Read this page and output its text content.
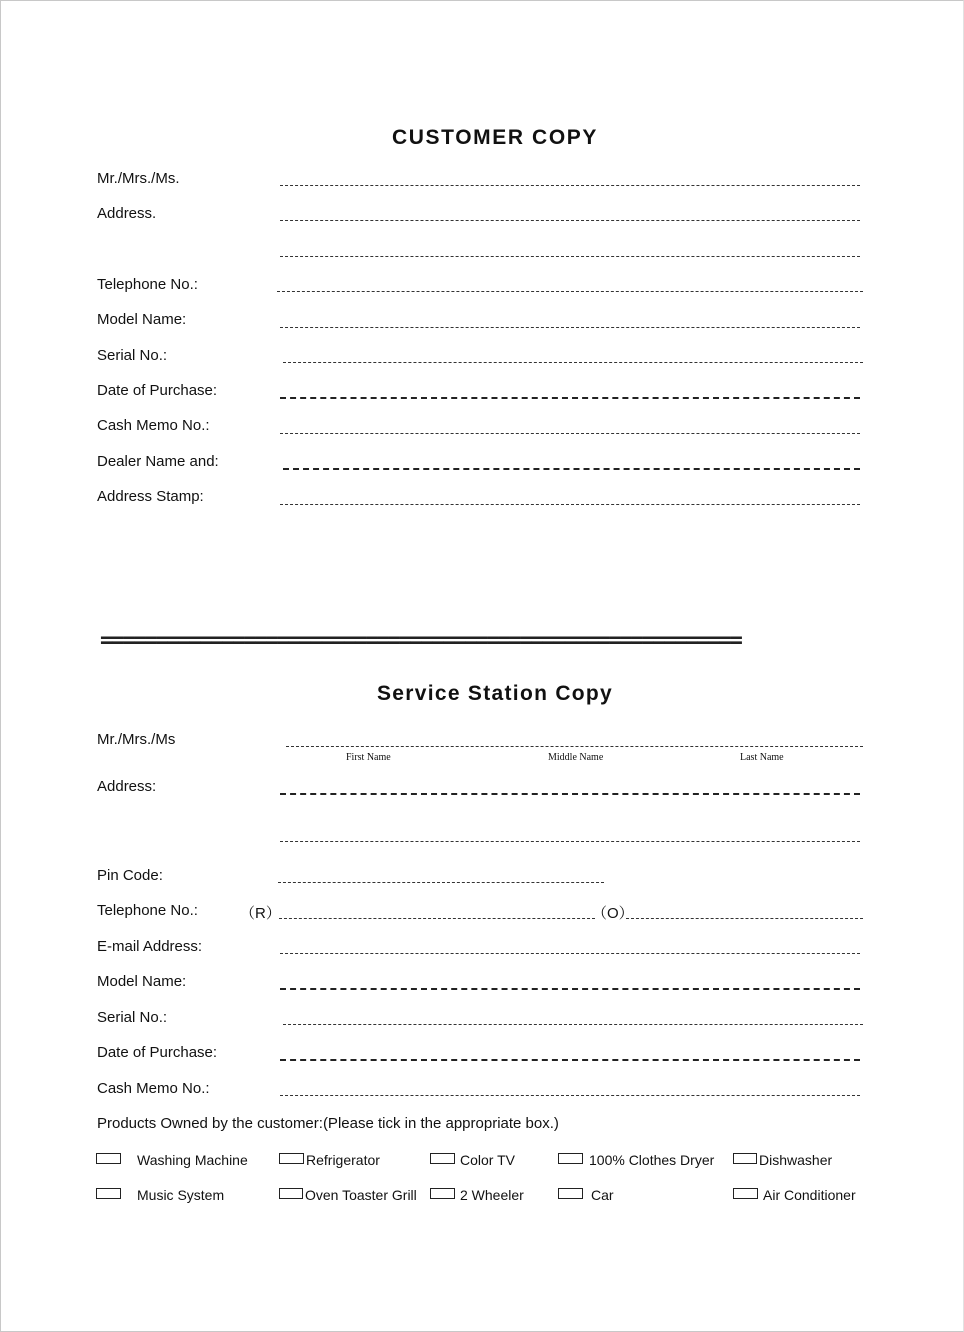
CUSTOMER COPY
Mr./Mrs./Ms.
Address.
Telephone No.:
Model Name:
Serial No.:
Date of Purchase:
Cash Memo No.:
Dealer Name and:
Address Stamp:
==========================================================
Service Station Copy
Mr./Mrs./Ms
First Name	Middle Name	Last Name
Address:
Pin Code:
Telephone No.:	（R）	（O）
E-mail Address:
Model Name:
Serial No.:
Date of Purchase:
Cash Memo No.:
Products Owned by the customer:(Please tick in the appropriate box.)
Washing Machine	Refrigerator	Color TV	100% Clothes Dryer	Dishwasher
Music System	Oven Toaster Grill	2 Wheeler	Car	Air Conditioner
